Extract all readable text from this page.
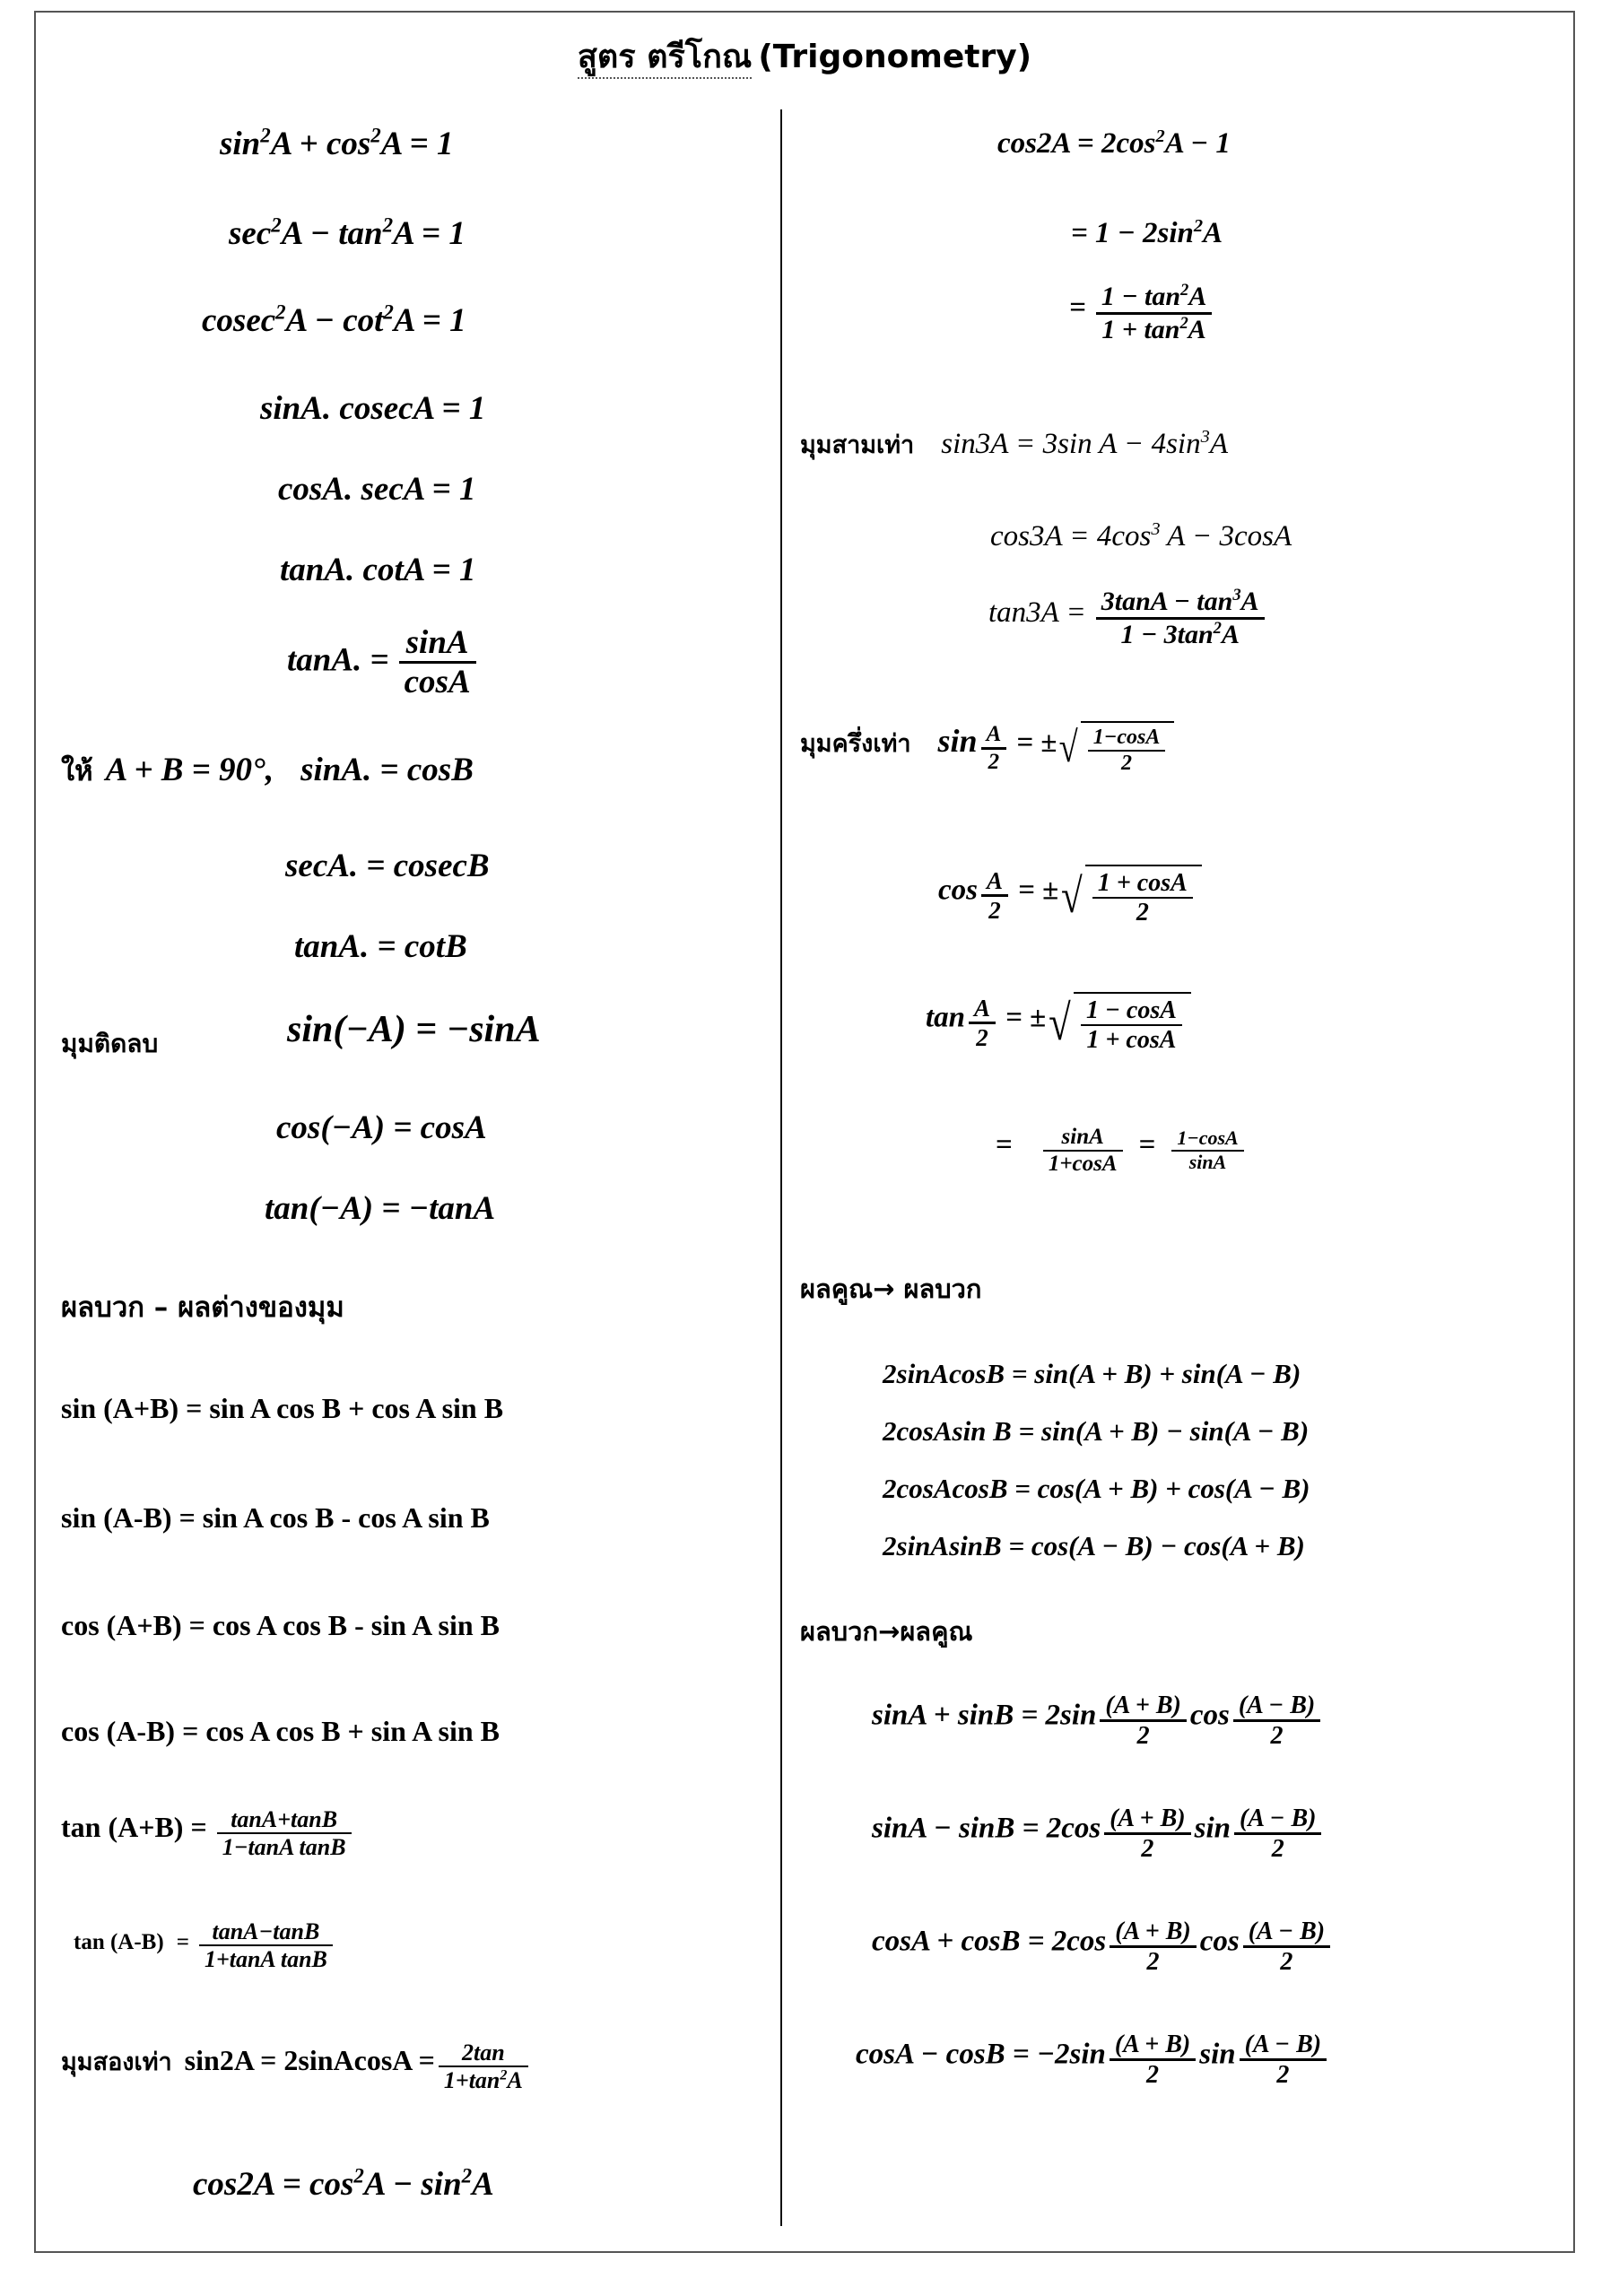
สูตร ตรีโกณ (Trigonometry)
$\sin^2A + \cos^2A = 1$
$\sec^2A - \tan^2A = 1$
$cosec^2A - \cot^2A = 1$
sinA. cosecA = 1
cosA. secA = 1
tanA. cotA = 1
tanA. = $\frac{\sin A}{\cos A}$
ให้ A + B = 90°, sinA. = cosB
secA. = cosecB
tanA. = cotB
มุมติดลบ	sin(−A) = −sinA
cos(−A) = cosA
tan(−A) = −tanA
ผลบวก – ผลต่างของมุม
sin (A+B) = sin A cos B + cos A sin B
sin (A-B) = sin A cos B - cos A sin B
cos (A+B) = cos A cos B - sin A sin B
cos (A-B) = cos A cos B + sin A sin B
$\tan (A+B) = \frac{\tan A+\tan B}{\text{1−tanA tanB}}$
$\tan (A-B) = \frac{\tan A-\tan B}{\text{1+tanA tanB}}$
มุมสองเท่า sin2A = 2sinAcosA = $\frac{2\tan}{1+\tan^2A}$
$\cos 2A = \cos^2A - \sin^2A$
$\cos 2A = 2\cos^2A - 1$
= $1 - 2\sin^2A$
= $\frac{1 - \tan^2A}{1 + \tan^2A}$
มุมสามเท่า sin3A = 3sin $A - 4\sin^3A$
$\cos 3A = 4\cos^3$ A − 3cosA
$\tan 3A = \frac{3\tan A - \tan^3A}{1 - 3\tan^2A}$
มุมครึ่งเท่า $\sin \frac{A}{2}$ = ±√ $\frac{1-\cos A}{2}$
$\cos \frac{A}{2}$ = ±√ $\frac{1 + \cos A}{2}$
$\tan \frac{A}{2}$ = ±√ $\frac{1 - \cos A}{1 + \cos A}$
= $\frac{\sin A}{1+\cos A} = \frac{1-\cos A}{\sin A}$
ผลคูณ→ ผลบวก
2sinAcosB = sin(A + B) + sin(A − B)
2cosAsin B = sin(A + B) − sin(A − B)
2cosAcosB = cos(A + B) + cos(A − B)
2sinAsinB = cos(A − B) − cos(A + B)
ผลบวก→ผลคูณ
$\sin A + \sin B = 2\sin \frac{(A + B)}{2}$ $\cos \frac{(A - B)}{2}$
$\sin A - \sin B = 2\cos \frac{(A + B)}{2}$ $\sin \frac{(A - B)}{2}$
$\cos A + \cos B = 2\cos \frac{(A + B)}{2}$ $\cos \frac{(A - B)}{2}$
$\cos A - \cos B = -2\sin \frac{(A + B)}{2}$ $\sin \frac{(A - B)}{2}$
